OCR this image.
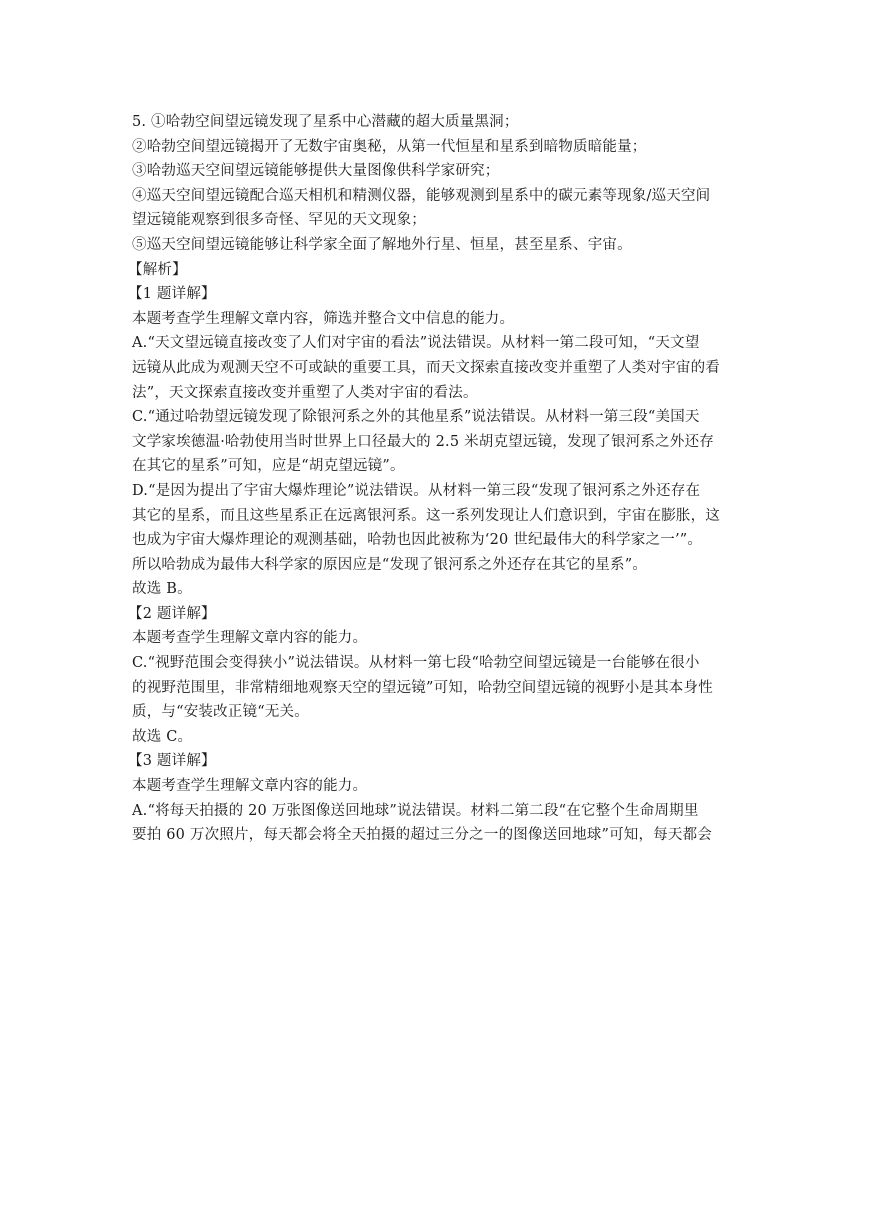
5. ①哈勃空间望远镜发现了星系中心潜藏的超大质量黑洞；
②哈勃空间望远镜揭开了无数宇宙奥秘，从第一代恒星和星系到暗物质暗能量；
③哈勃巡天空间望远镜能够提供大量图像供科学家研究；
④巡天空间望远镜配合巡天相机和精测仪器，能够观测到星系中的碳元素等现象/巡天空间
望远镜能观察到很多奇怪、罕见的天文现象；
⑤巡天空间望远镜能够让科学家全面了解地外行星、恒星，甚至星系、宇宙。
【解析】
【1 题详解】
本题考查学生理解文章内容，筛选并整合文中信息的能力。
A.“天文望远镜直接改变了人们对宇宙的看法”说法错误。从材料一第二段可知，“天文望
远镜从此成为观测天空不可或缺的重要工具，而天文探索直接改变并重塑了人类对宇宙的看
法”，天文探索直接改变并重塑了人类对宇宙的看法。
C.“通过哈勃望远镜发现了除银河系之外的其他星系”说法错误。从材料一第三段“美国天
文学家埃德温·哈勃使用当时世界上口径最大的 2.5 米胡克望远镜，发现了银河系之外还存
在其它的星系”可知，应是“胡克望远镜”。
D.“是因为提出了宇宙大爆炸理论”说法错误。从材料一第三段“发现了银河系之外还存在
其它的星系，而且这些星系正在远离银河系。这一系列发现让人们意识到，宇宙在膨胀，这
也成为宇宙大爆炸理论的观测基础，哈勃也因此被称为‘20 世纪最伟大的科学家之一’”。
所以哈勃成为最伟大科学家的原因应是“发现了银河系之外还存在其它的星系”。
故选 B。
【2 题详解】
本题考查学生理解文章内容的能力。
C.“视野范围会变得狭小”说法错误。从材料一第七段“哈勃空间望远镜是一台能够在很小
的视野范围里，非常精细地观察天空的望远镜”可知，哈勃空间望远镜的视野小是其本身性
质，与“安装改正镜“无关。
故选 C。
【3 题详解】
本题考查学生理解文章内容的能力。
A.“将每天拍摄的 20 万张图像送回地球”说法错误。材料二第二段“在它整个生命周期里
要拍 60 万次照片，每天都会将全天拍摄的超过三分之一的图像送回地球”可知，每天都会
